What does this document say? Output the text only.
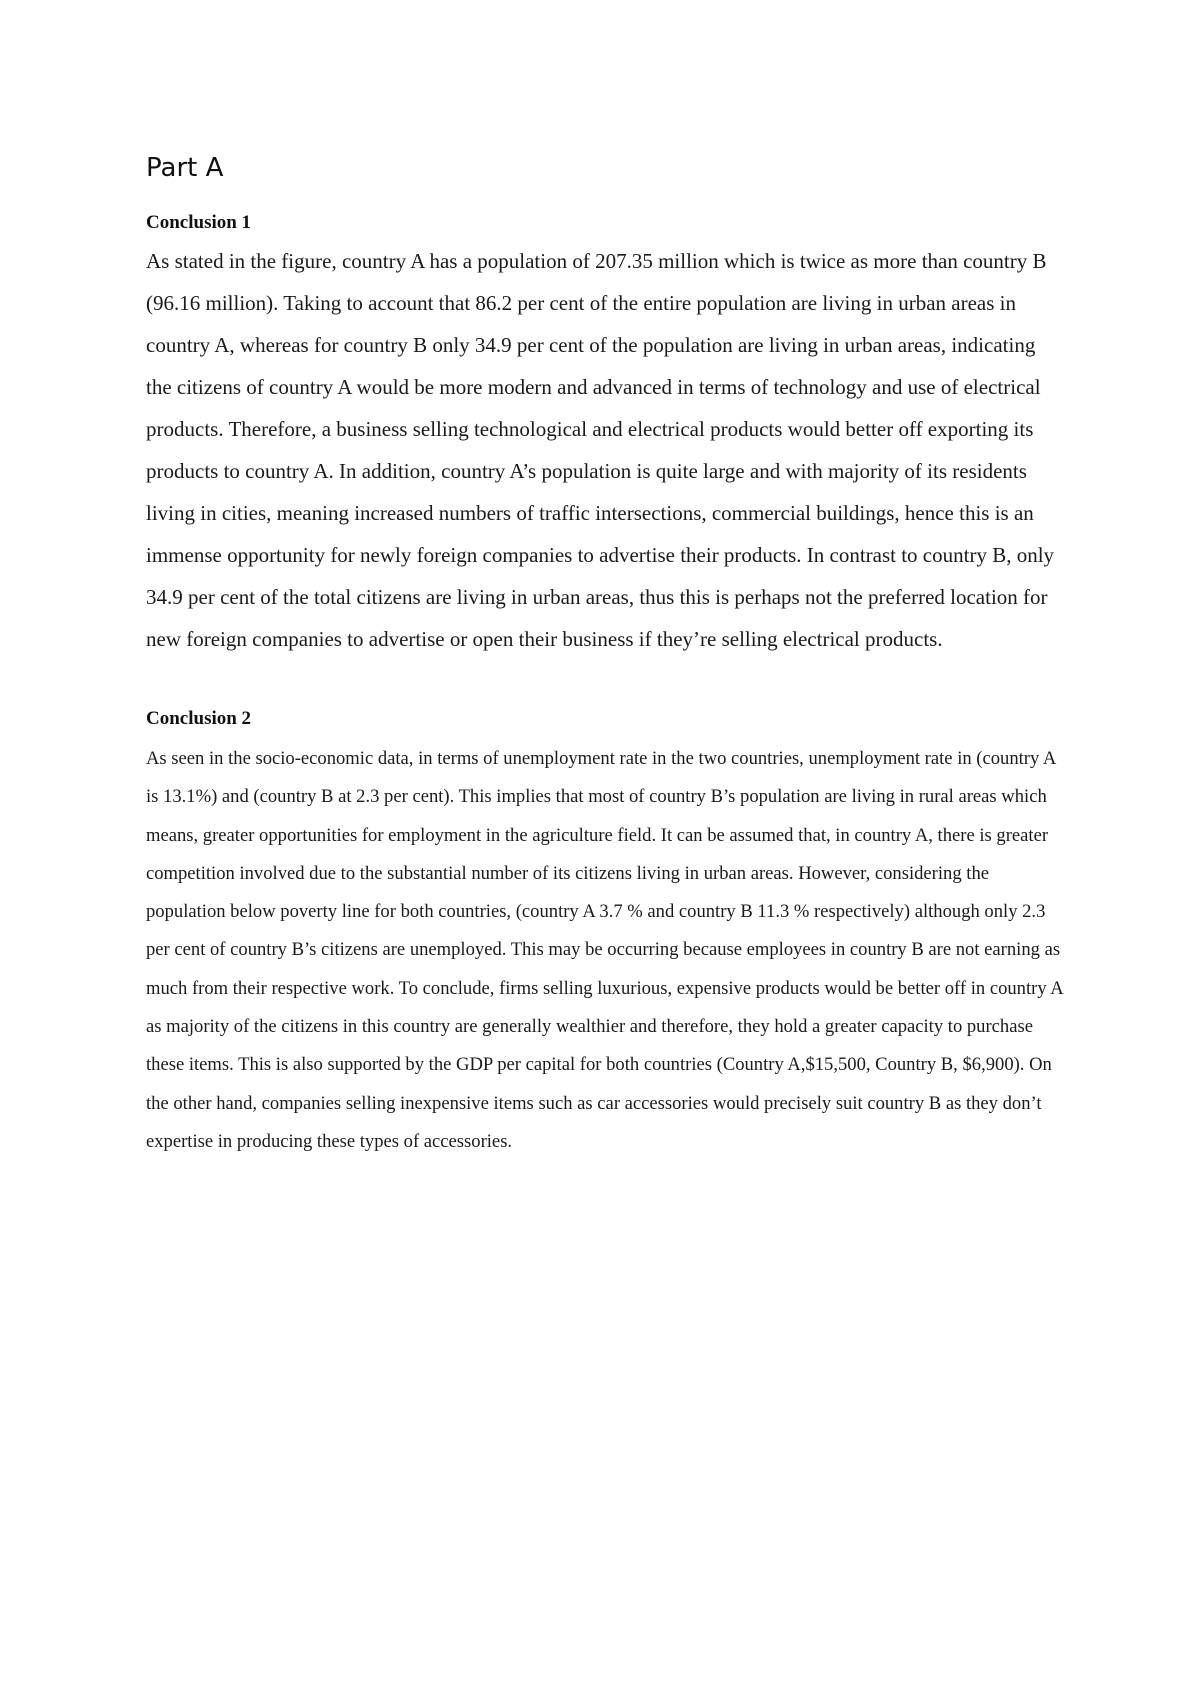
Part A
Conclusion 1

As stated in the figure, country A has a population of 207.35 million which is twice as more than country B (96.16 million). Taking to account that 86.2 per cent of the entire population are living in urban areas in country A, whereas for country B only 34.9 per cent of the population are living in urban areas, indicating the citizens of country A would be more modern and advanced in terms of technology and use of electrical products. Therefore, a business selling technological and electrical products would better off exporting its products to country A. In addition, country A’s population is quite large and with majority of its residents living in cities, meaning increased numbers of traffic intersections, commercial buildings, hence this is an immense opportunity for newly foreign companies to advertise their products. In contrast to country B, only 34.9 per cent of the total citizens are living in urban areas, thus this is perhaps not the preferred location for new foreign companies to advertise or open their business if they’re selling electrical products.

Conclusion 2

As seen in the socio-economic data, in terms of unemployment rate in the two countries, unemployment rate in (country A is 13.1%) and (country B at 2.3 per cent). This implies that most of country B’s population are living in rural areas which means, greater opportunities for employment in the agriculture field. It can be assumed that, in country A, there is greater competition involved due to the substantial number of its citizens living in urban areas. However, considering the population below poverty line for both countries, (country A 3.7 % and country B 11.3 % respectively) although only 2.3 per cent of country B’s citizens are unemployed. This may be occurring because employees in country B are not earning as much from their respective work. To conclude, firms selling luxurious, expensive products would be better off in country A as majority of the citizens in this country are generally wealthier and therefore, they hold a greater capacity to purchase these items. This is also supported by the GDP per capital for both countries (Country A,$15,500, Country B, $6,900). On the other hand, companies selling inexpensive items such as car accessories would precisely suit country B as they don’t expertise in producing these types of accessories.
